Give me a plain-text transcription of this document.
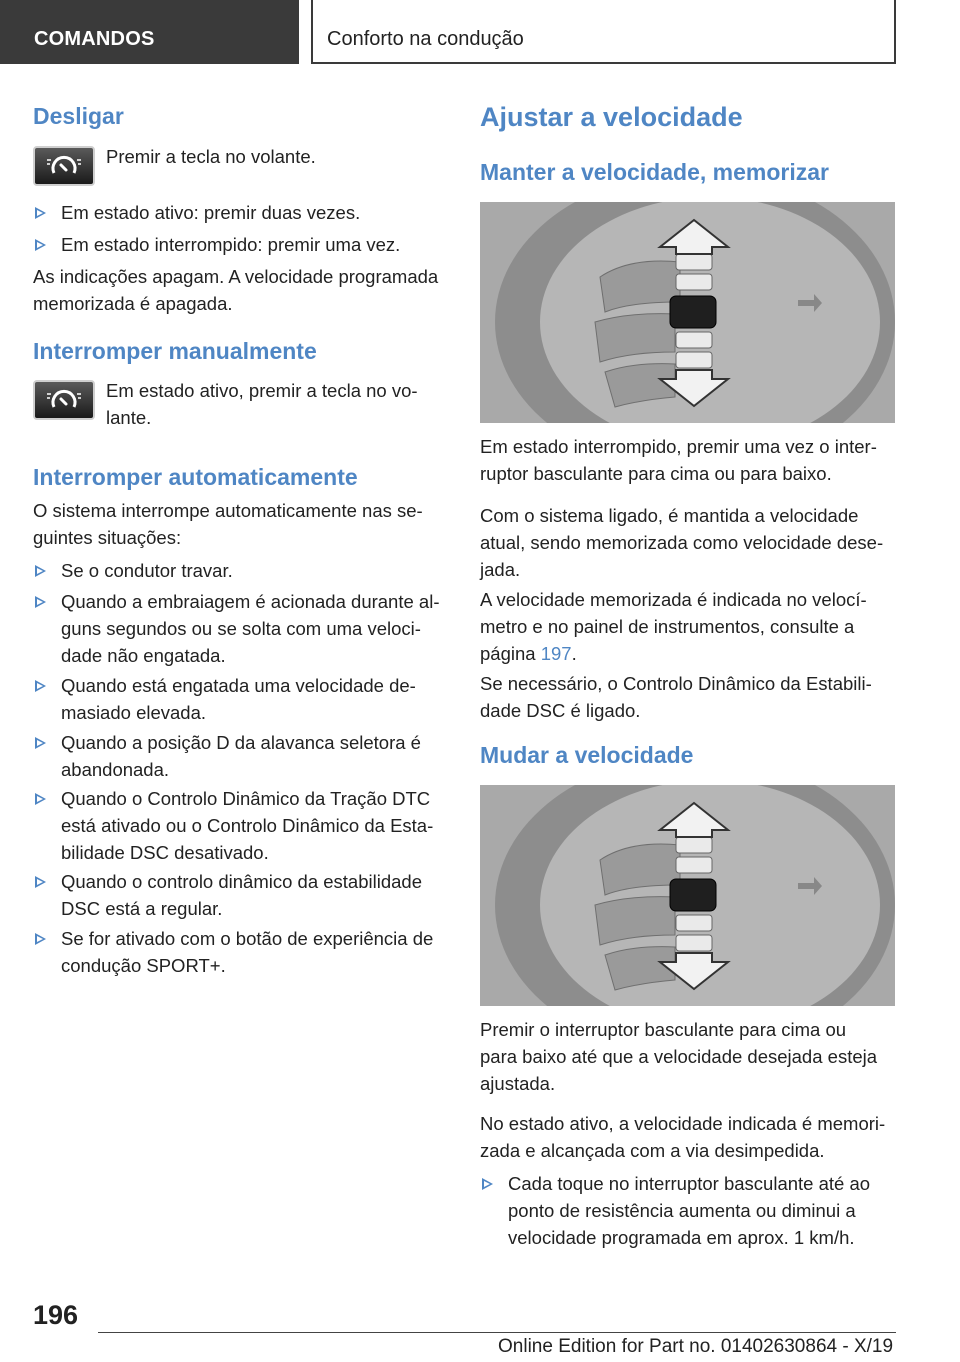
COMANDOS	Conforto na condução
Desligar

Premir a tecla no volante.

Em estado ativo: premir duas vezes.
Em estado interrompido: premir uma vez.

As indicações apagam. A velocidade programada memorizada é apagada.

Interromper manualmente

Em estado ativo, premir a tecla no vo-

lante.

Interromper automaticamente

O sistema interrompe automaticamente nas se-

guintes situações:

Se o condutor travar.
Quando a embraiagem é acionada durante al-
guns segundos ou se solta com uma veloci-
dade não engatada.
Quando está engatada uma velocidade de-
masiado elevada.
Quando a posição D da alavanca seletora é
abandonada.
Quando o Controlo Dinâmico da Tração DTC
está ativado ou o Controlo Dinâmico da Esta-
bilidade DSC desativado.
Quando o controlo dinâmico da estabilidade
DSC está a regular.
Se for ativado com o botão de experiência de
condução SPORT+.
Ajustar a velocidade
Manter a velocidade, memorizar

Em estado interrompido, premir uma vez o inter-

ruptor basculante para cima ou para baixo.

Com o sistema ligado, é mantida a velocidade

atual, sendo memorizada como velocidade dese-

jada.

A velocidade memorizada é indicada no velocí-

metro e no painel de instrumentos, consulte a

página 197.

Se necessário, o Controlo Dinâmico da Estabili-

dade DSC é ligado.

Mudar a velocidade

Premir o interruptor basculante para cima ou

para baixo até que a velocidade desejada esteja

ajustada.

No estado ativo, a velocidade indicada é memori-

zada e alcançada com a via desimpedida.

Cada toque no interruptor basculante até ao
ponto de resistência aumenta ou diminui a
velocidade programada em aprox. 1 km/h.
196
Online Edition for Part no. 01402630864 - X/19
